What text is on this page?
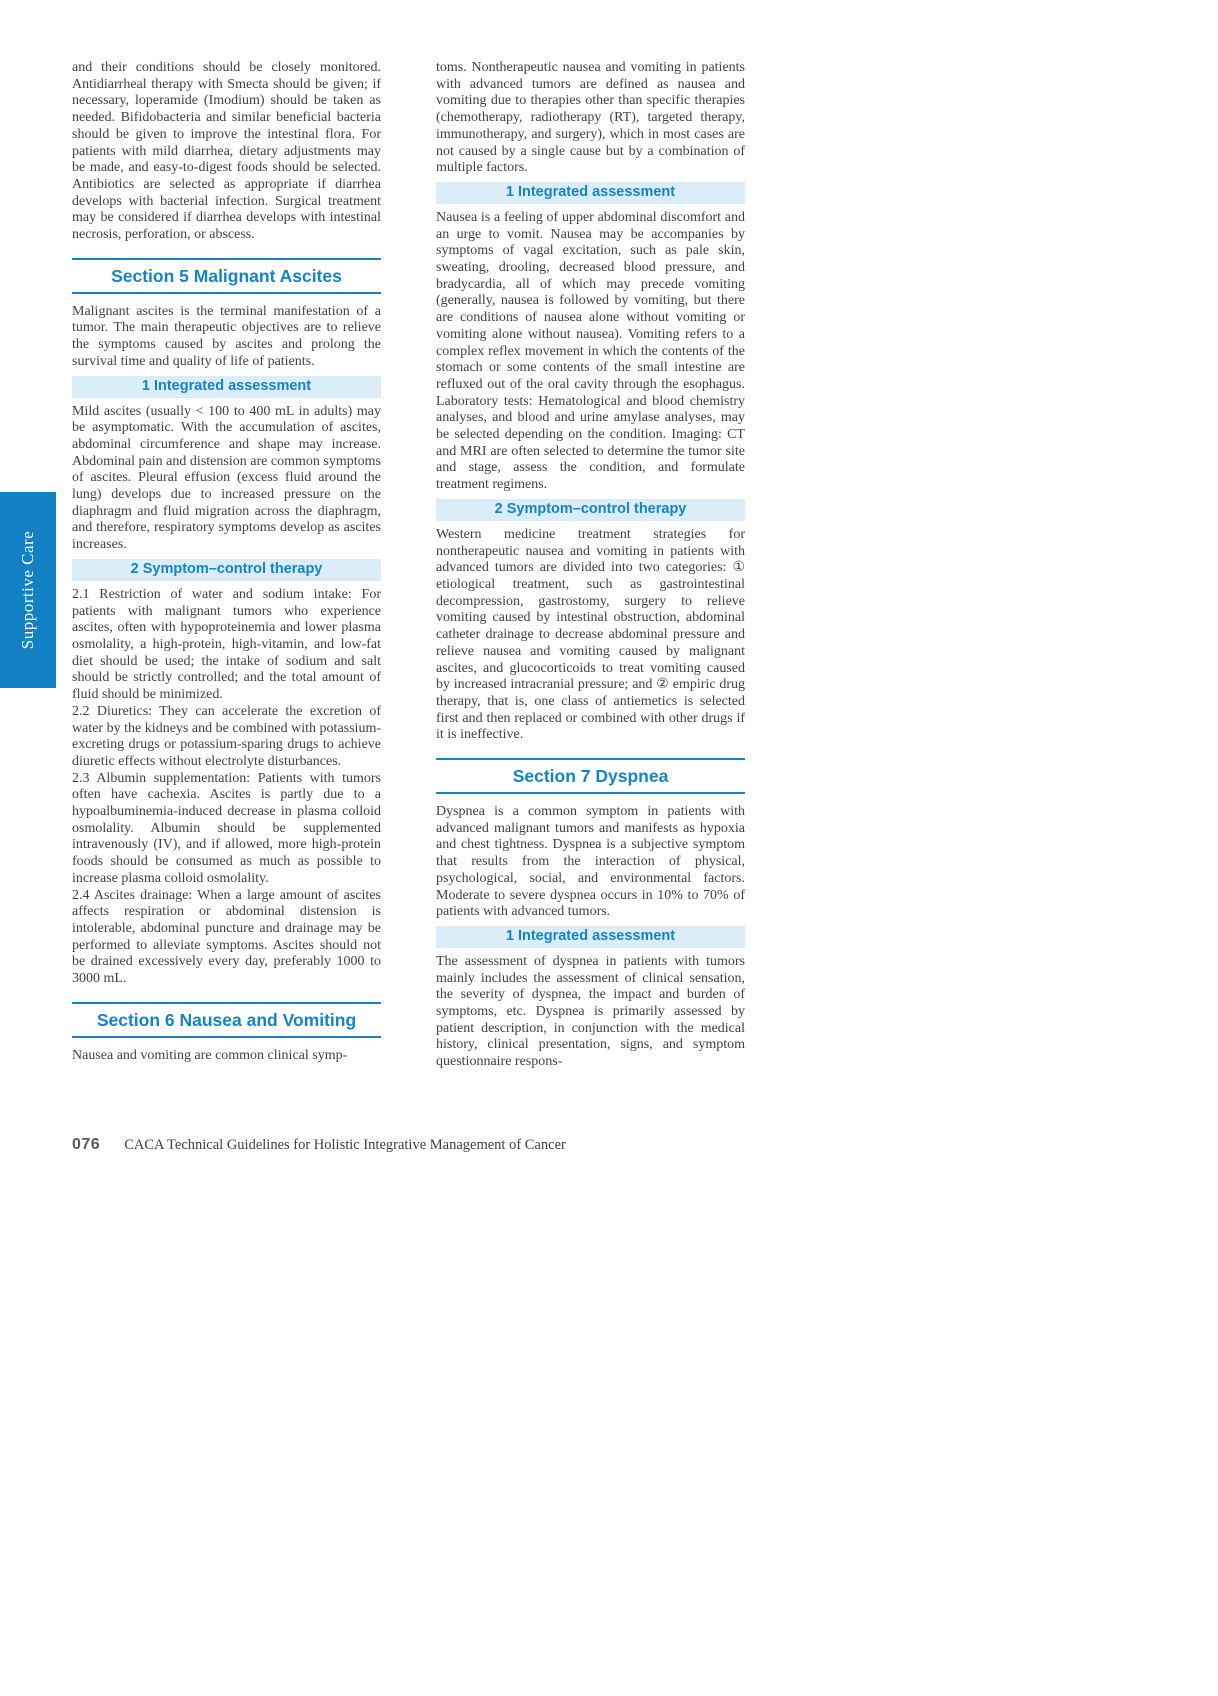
Supportive Care

and their conditions should be closely monitored. Antidiarrheal therapy with Smecta should be given; if necessary, loperamide (Imodium) should be taken as needed. Bifidobacteria and similar beneficial bacteria should be given to improve the intestinal flora. For patients with mild diarrhea, dietary adjustments may be made, and easy-to-digest foods should be selected. Antibiotics are selected as appropriate if diarrhea develops with bacterial infection. Surgical treatment may be considered if diarrhea develops with intestinal necrosis, perforation, or abscess.

Section 5 Malignant Ascites

Malignant ascites is the terminal manifestation of a tumor. The main therapeutic objectives are to relieve the symptoms caused by ascites and prolong the survival time and quality of life of patients.

1 Integrated assessment

Mild ascites (usually < 100 to 400 mL in adults) may be asymptomatic. With the accumulation of ascites, abdominal circumference and shape may increase. Abdominal pain and distension are common symptoms of ascites. Pleural effusion (excess fluid around the lung) develops due to increased pressure on the diaphragm and fluid migration across the diaphragm, and therefore, respiratory symptoms develop as ascites increases.

2 Symptom–control therapy

2.1 Restriction of water and sodium intake: For patients with malignant tumors who experience ascites, often with hypoproteinemia and lower plasma osmolality, a high-protein, high-vitamin, and low-fat diet should be used; the intake of sodium and salt should be strictly controlled; and the total amount of fluid should be minimized.

2.2 Diuretics: They can accelerate the excretion of water by the kidneys and be combined with potassium-excreting drugs or potassium-sparing drugs to achieve diuretic effects without electrolyte disturbances.

2.3 Albumin supplementation: Patients with tumors often have cachexia. Ascites is partly due to a hypoalbuminemia-induced decrease in plasma colloid osmolality. Albumin should be supplemented intravenously (IV), and if allowed, more high-protein foods should be consumed as much as possible to increase plasma colloid osmolality.

2.4 Ascites drainage: When a large amount of ascites affects respiration or abdominal distension is intolerable, abdominal puncture and drainage may be performed to alleviate symptoms. Ascites should not be drained excessively every day, preferably 1000 to 3000 mL.

Section 6 Nausea and Vomiting

Nausea and vomiting are common clinical symp-

toms. Nontherapeutic nausea and vomiting in patients with advanced tumors are defined as nausea and vomiting due to therapies other than specific therapies (chemotherapy, radiotherapy (RT), targeted therapy, immunotherapy, and surgery), which in most cases are not caused by a single cause but by a combination of multiple factors.

1 Integrated assessment

Nausea is a feeling of upper abdominal discomfort and an urge to vomit. Nausea may be accompanies by symptoms of vagal excitation, such as pale skin, sweating, drooling, decreased blood pressure, and bradycardia, all of which may precede vomiting (generally, nausea is followed by vomiting, but there are conditions of nausea alone without vomiting or vomiting alone without nausea). Vomiting refers to a complex reflex movement in which the contents of the stomach or some contents of the small intestine are refluxed out of the oral cavity through the esophagus. Laboratory tests: Hematological and blood chemistry analyses, and blood and urine amylase analyses, may be selected depending on the condition. Imaging: CT and MRI are often selected to determine the tumor site and stage, assess the condition, and formulate treatment regimens.

2 Symptom–control therapy

Western medicine treatment strategies for nontherapeutic nausea and vomiting in patients with advanced tumors are divided into two categories: ① etiological treatment, such as gastrointestinal decompression, gastrostomy, surgery to relieve vomiting caused by intestinal obstruction, abdominal catheter drainage to decrease abdominal pressure and relieve nausea and vomiting caused by malignant ascites, and glucocorticoids to treat vomiting caused by increased intracranial pressure; and ② empiric drug therapy, that is, one class of antiemetics is selected first and then replaced or combined with other drugs if it is ineffective.

Section 7 Dyspnea

Dyspnea is a common symptom in patients with advanced malignant tumors and manifests as hypoxia and chest tightness. Dyspnea is a subjective symptom that results from the interaction of physical, psychological, social, and environmental factors. Moderate to severe dyspnea occurs in 10% to 70% of patients with advanced tumors.

1 Integrated assessment

The assessment of dyspnea in patients with tumors mainly includes the assessment of clinical sensation, the severity of dyspnea, the impact and burden of symptoms, etc. Dyspnea is primarily assessed by patient description, in conjunction with the medical history, clinical presentation, signs, and symptom questionnaire respons-

076 CACA Technical Guidelines for Holistic Integrative Management of Cancer
